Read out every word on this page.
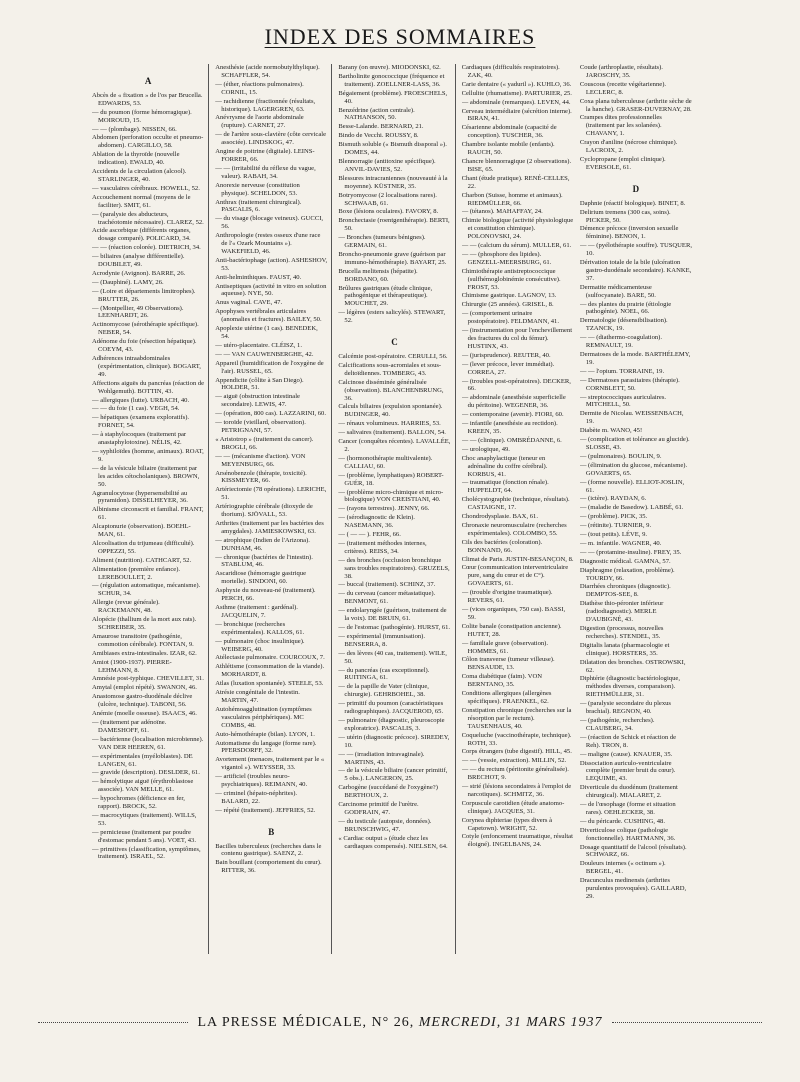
INDEX DES SOMMAIRES
A
Abcès de « fixation » de l'os par Brucella. EDWARDS, 53.
— du poumon (forme hémorragique). MOIROUD, 15.
— — (plombage). NISSEN, 66.
Abdomen (perforation occulte et pneumo-abdomen). CARGILLO, 58.
Ablation de la thyroïde (nouvelle indication). EWALD, 40.
Accidents de la circulation (alcool). STARLINGER, 40.
— vasculaires cérébraux. HOWELL, 52.
Accouchement normal (moyens de le faciliter). SMIT, 61.
— (paralysie des abducteurs, trachéotomie nécessaire). CLAREZ, 52.
Acide ascorbique (différents organes, dosage comparé). POLICARD, 34.
— — (réaction colorée). DIETRICH, 34.
— biliaires (analyse différentielle). DOUBILET, 49.
Acrodynie (Avignon). BARRE, 26.
— (Dauphiné). LAMY, 26.
— (Loire et départements limitrophes). BRUTTER, 26.
— (Montpellier, 49 Observations). LEENHARDT, 26.
Actinomycose (sérothérapie spécifique). NEBER, 54.
Adénome du foie (résection hépatique). COEYM, 43.
Adhérences intraabdominales (expérimentation, clinique). BOGART, 49.
Affections aiguës du pancréas (réaction de Wohlgemuth). BOTTIN, 43.
— allergiques (lutte). URBACH, 40.
— — du foie (1 cas). VEGH, 54.
— hépatiques (examens exploratifs). FORNET, 54.
— à staphylocoques (traitement par anastaphylotoxine). NÉLIS, 42.
— syphiloïdes (homme, animaux). ROAT, 9.
— de la vésicule biliaire (traitement par les acides cétocholaniques). BROWN, 50.
Agranulocytose (hypersensibilité au pyramidon). DISSELHEYER, 36.
Albinisme circonscrit et familial. FRANT, 61.
Alcaptonurie (observation). BOEHL-MAN, 61.
Alcoolisation du trijumeau (difficulté). OPPEZZI, 55.
Aliment (nutrition). CATHCART, 52.
Alimentation (première enfance). LEREBOULLET, 2.
— (régulation automatique, mécanisme). SCHUR, 34.
Allergie (revue générale). RACKEMANN, 48.
Alopécie (thallium de la mort aux rats). SCHREIBER, 35.
Amaurose transitoire (pathogénie, commotion cérébrale). FONTAN, 9.
Amibiases extra-intestinales. IZAR, 62.
Amiot (1900-1937). PIERRE-LEHMANN, 8.
Amnésie post-typhique. CHEVILLET, 31.
Amytal (emploi répété). SWANON, 46.
Anastomose gastro-duodénale déclive (ulcère, technique). TABONI, 56.
Anémie (moelle osseuse). ISAACS, 46.
— (traitement par adénoïne. DAMESHOFF, 61.
— bactérienne (localisation microbienne). VAN DER HEEREN, 61.
— expérimentales (myéloblastes). DE LANGEN, 61.
— gravide (description). DESLDER, 61.
— hémolytique aiguë (érythroblastose associée). VAN MELLE, 61.
— hypochromes (déficience en fer, rapport). BROCK, 52.
— macrocytiques (traitement). WILLS, 53.
— pernicieuse (traitement par poudre d'estomac pendant 5 ans). VOET, 43.
— primitives (classification, symptômes, traitement). ISRAEL, 52.
Anesthésie (acide normobutylthylique). SCHAFFLER, 54.
— (éther, réactions pulmonaires). CORNIL, 15.
— rachidienne (fractionnée (résultats, historique). LAGERGREN, 63.
Anévrysme de l'aorte abdominale (rupture). CARNET, 27.
— de l'artère sous-clavière (côte cervicale associée). LINDSKOG, 47.
Angine de poitrine (digitale). LEINS-FORRER, 66.
— — (irritabilité du réflexe du vague, valeur). RABAH, 34.
Anorexie nerveuse (constitution physique). SCHELDON, 53.
Anthrax (traitement chirurgical). PASCALIS, 6.
— du visage (blocage veineux). GUCCI, 56.
Anthropologie (restes osseux d'une race de l'« Ozark Mountains »). WAKEFIELD, 46.
Anti-bactériophage (action). ASHESHOV, 53.
Anti-helminthiques. FAUST, 40.
Antiseptiques (activité in vitro en solution aqueuse). NYE, 50.
Anus vaginal. CAVE, 47.
Apophyses vertébrales articulaires (anomalies et fractures). BAILEY, 50.
Apoplexie utérine (1 cas). BENEDEK, 54.
— utéro-placentaire. CLÉISZ, 1.
— — VAN CAUWENBERGHE, 42.
Appareil (humidification de l'oxygène de l'air). RUSSEL, 65.
Appendicite (côlite à San Diego). HOLDER, 51.
— aiguë (obstruction intestinale secondaire). LEWIS, 47.
— (opération, 800 cas). LAZZARINI, 60.
— toroïde (vieillard, observation). PETRIGNANI, 57.
« Aristotrop » (traitement du cancer). BROGLI, 66.
— — (mécanisme d'action). VON MEYENBURG, 66.
Arsénobenzole (thérapie, toxicité). KISSMEYER, 66.
Artériectomie (78 opérations). LERICHE, 51.
Artériographie cérébrale (dioxyde de thorium). SJÖVALL, 53.
Arthrites (traitement par les bactéries des amygdales). JAMIESKOWSKI, 63.
— atrophique (Indien de l'Arizona). DUNHAM, 46.
— chronique (bactéries de l'intestin). STABLUM, 46.
Ascaridiose (hémorragie gastrique mortelle). SINDONI, 60.
Asphyxie du nouveau-né (traitement). PERCH, 66.
Asthme (traitement : gardénal). JACQUELIN, 7.
— bronchique (recherches expérimentales). KALLOS, 61.
— pulmonaire (choc insulinique). WEIBERG, 40.
Atélectasie pulmonaire. COURCOUX, 7.
Athlétisme (consommation de la viande). MORHARDT, 8.
Atlas (luxation spontanée). STEELE, 53.
Atrésie congénitale de l'intestin. MARTIN, 47.
Autohémoagglutination (symptômes vasculaires périphériques). MC COMBS, 48.
Auto-hémothérapie (bilan). LYON, 1.
Automatisme du langage (forme rare). PFERSDORFF, 32.
Avortement (menaces, traitement par le « vigantol »). WEYSSER, 33.
— artificiel (troubles neuro-psychiatriques). REIMANN, 40.
— criminel (hépato-néphrites). BALARD, 22.
— répété (traitement). JEFFRIES, 52.
B
Bacilles tuberculeux (recherches dans le contenu gastrique). SAENZ, 2.
Bain bouillant (comportement du cœur). RITTER, 36.
Barany (on œuvre). MIODONSKI, 62.
Bartholinite gonococcique (fréquence et traitement). ZOELLNER-LASS, 36.
Bégaiement (problème). FROESCHELS, 40.
Benzédrine (action centrale). NATHANSON, 50.
Besse-Lalande. BERNARD, 21.
Bindo de Vecchi. ROUSSY, 8.
Bismuth soluble (« Bismuth dissporal »). DOMES, 44.
Blennorragie (antitoxine spécifique). ANVIL-DAVIES, 52.
Blessures intracraniennes (nouveauté à la moyenne). KÜSTNER, 35.
Botryomycose (2 localisations rares). SCHWAAB, 61.
Boxe (lésions oculaires). FAVORY, 8.
Bronchectasie (roentgenthérapie). BERTI, 50.
— Bronches (tumeurs bénignes). GERMAIN, 61.
Broncho-pneumonie grave (guérison par immuno-hémothérapie). BAYART, 25.
Brucella melitensis (hépatite). BORDANO, 60.
Brûlures gastriques (étude clinique, pathogénique et thérapeutique). MOUCHET, 29.
— légères (esters salicylés). STEWART, 52.
C
Calcémie post-opératoire. CERULLI, 56.
Calcifications sous-acromiales et sous-deltoïdiennes. TOMBERG, 43.
Calcinose disséminée généralisée (observation). BLANCHENBRUNG, 36.
Calculs biliaires (expulsion spontanée). BUDINGER, 40.
— rénaux volumineux. HARRIES, 53.
— salivaires (traitement). BALLON, 54.
Cancer (conquêtes récentes). LAVALLÉE, 2.
— (hormonothérapie multivalente). CALLIAU, 60.
— (problème, lymphatiques) ROBERT-GUÉR, 18.
— (problème micro-chimique et micro-biologique) VON CREISTIANI, 40.
— (rayons terrestres). JENNY, 66.
— (sérodiagnostic de Klein). NASEMANN, 36.
— ( — — ). FEHR, 66.
— (traitement méthodes internes, critères). REISS, 34.
— des bronches (occlusion bronchique sans troubles respiratoires). GRUZELS, 38.
— buccal (traitement). SCHINZ, 37.
— du cerveau (cancer métastatique). BENMONT, 61.
— endolaryngée (guérison, traitement de la voix). DE BRUIN, 61.
— de l'estomac (pathogénie). HURST, 61.
— expérimental (immunisation). BENSERRA, 8.
— des lèvres (40 cas, traitement). WILE, 50.
— du pancréas (cas exceptionnel). RUITINGA, 61.
— de la papille de Vater (clinique, chirurgie). GEHRBOHEL, 38.
— primitif du poumon (caractéristiques radiographiques). JACQUEROD, 65.
— pulmonaire (diagnostic, pleuroscopie exploratrice). PASCALIS, 3.
— utérin (diagnostic précoce). SIREDEY, 10.
— — (irradiation intravaginale). MARTINS, 43.
— de la vésicule biliaire (cancer primitif, 5 obs.). LANGERON, 25.
Carbogène (succédané de l'oxygène?) BERTHOUX, 2.
Carcinome primitif de l'urètre. GODFRAIN, 47.
— du testicule (autopsie, données). BRUNSCHWIG, 47.
« Cardiac output » (étude chez les cardiaques compensés). NIELSEN, 64.
Cardiaques (difficultés respiratoires). ZAK, 40.
Carie dentaire (« yaduril »). KUHLO, 36.
Cellulite (rhumatisme). PARTURIER, 25.
— abdominale (remarques). LEVEN, 44.
Cerveau intermédiaire (sécrétion interne). BIRAN, 41.
Césarienne abdominale (capacité de conception). TUSCHER, 36.
Chambre isolante mobile (enfants). RAUCH, 50.
Chancre blennorragique (2 observations). BISE, 65.
Chant (étude pratique). RENÉ-CELLES, 22.
Charbon (Suisse, homme et animaux). RIEDMÜLLER, 66.
— (tétanos). MAHAFFAY, 24.
Chimie biologique (activité physiologique et constitution chimique). POLONOVSKI, 24.
— — (calcium du sérum). MULLER, 61.
— — (phosphore des lipides). GENZELL-MEERSBURG, 61.
Chimiothérapie antistreptococcique (sulfhémoglobinémie consécutive). FROST, 53.
Chimisme gastrique. LAGNOV, 13.
Chirurgie (25 années). GRISEL, 8.
— (comportement urinaire postopératoire). FELDMANN, 41.
— (instrumentation pour l'enchevillement des fractures du col du fémur). HUSTINX, 43.
— (jurisprudence). REUTER, 40.
— (lever précoce, lever immédiat). CORREA, 27.
— (troubles post-opératoires). DECKER, 66.
— abdominale (anesthésie superficielle du péritoine). WEGENER, 36.
— contemporaine (avenir). FIORI, 60.
— infantile (anesthésie au rectidon). KREEN, 35.
— — (clinique). OMBRÉDANNE, 6.
— urologique, 49.
Choc anaphylactique (teneur en adrénaline du coffre cérébral). KORBUS, 41.
— traumatique (fonction rénale). HUPFELDT, 64.
Cholécystographie (technique, résultats). CASTAIGNE, 17.
Chondrodysplasie. BAX, 61.
Chronaxie neuromusculaire (recherches expérimentales). COLOMBO, 55.
Cils des bactéries (coloration). BONNAND, 66.
Climat de Paris. JUSTIN-BESANÇON, 8.
Cœur (communication interventriculaire pure, sang du cœur et de C°). GOVAERTS, 61.
— (trouble d'origine traumatique). REVERS, 61.
— (vices organiques, 750 cas). BASSI, 59.
Colite banale (constipation ancienne). HUTET, 28.
— familiale grave (observation). HOMMES, 61.
Côlon transverse (tumeur villeuse). BENSAUDE, 13.
Coma diabétique (faim). VON BERNTANO, 35.
Conditions allergiques (allergènes spécifiques). FRAENKEL, 62.
Constipation chronique (recherches sur la résorption par le rectum). TAUSENHAUS, 40.
Coqueluche (vaccinothérapie, technique). ROTH, 33.
Corps étrangers (tube digestif). HILL, 45.
— — (vessie, extraction). MILLIN, 52.
— — du rectum (péritonite généralisée). BRECHOT, 9.
— strié (lésions secondaires à l'emploi de narcotiques). SCHMITZ, 36.
Corpuscule carotidien (étude anatomo-clinique). JACQUES, 31.
Corynea diphteriae (types divers à Capetown). WRIGHT, 52.
Cotyle (enfoncement traumatique, résultat éloigné). INGELBANS, 24.
Coude (arthroplastie, résultats). JAROSCHY, 35.
Couscous (recette végétarienne). LECLERC, 8.
Coxa plana tuberculeuse (arthrite sèche de la hanche). GRASER-DUVERNAY, 28.
Crampes dites professionnelles (traitement par les solanées). CHAVANY, 1.
Crayon d'aniline (nécrose chimique). LACROIX, 2.
Cyclopropane (emploi clinique). EVERSOLE, 61.
D
Daphnie (réactif biologique). BINET, 8.
Delirium tremens (300 cas, soins). PICKER, 50.
Démence précoce (inversion sexuelle féminine). BENON, 1.
— — (pyélothérapie souffre). TUSQUER, 10.
Dérivation totale de la bile (ulcération gastro-duodénale secondaire). KANKE, 37.
Dermatite médicamenteuse (sulfocyanate). BARE, 50.
— des plantes du prairie (étiologie pathogénie). NOEL, 66.
Dermatologie (désensibilisation). TZANCK, 19.
— — (diathermo-coagulation). REMNAULT, 19.
Dermatoses de la mode. BARTHÉLEMY, 19.
— — l'opium. TORRAINE, 19.
— Dermatoses parasitaires (thérapie). CORNBLETT, 50.
— streptococciques auriculaires. MITCHELL, 50.
Dermite de Nicolau. WEISSENBACH, 19.
Diabète m. WANO, 45!
— (complication et tolérance au glucide). SLOSSE, 43.
— (pulmonaires). BOULIN, 9.
— (élimination du glucose, mécanisme). GOVAERTS, 65.
— (forme nouvelle). ELLIOT-JOSLIN, 61.
— (ictère). RAYDAN, 6.
— (maladie de Basedow). LABBÉ, 61.
— (problème). PICK, 35.
— (rétinite). TURNIER, 9.
— (tout petits). LÉVE, 9.
— m. infantile. WAGNER, 40.
— — (protamine-insuline). FREY, 35.
Diagnostic médical. GAMNA, 57.
Diaphragme (relaxation, problème). TOURDY, 66.
Diarrhées chroniques (diagnostic). DEMPTOS-SEE, 8.
Diathèse thio-péronier inférieur (radiodiagnostic). MERLE D'AUBIGNÉ, 43.
Digestion (processus, nouvelles recherches). STENDEL, 35.
Digitalis lanata (pharmacologie et clinique). HORSTERS, 35.
Dilatation des bronches. OSTROWSKI, 62.
Diphtérie (diagnostic bactériologique, méthodes diverses, comparaison). RIETHMÜLLER, 31.
— (paralysie secondaire du plexus brachial). REGNON, 40.
— (pathogénie, recherches). CLAUBERG, 34.
— (réaction de Schick et réaction de Reh). TRON, 8.
— maligne (cause). KNAUER, 35.
Dissociation auriculo-ventriculaire complète (premier bruit du cœur). LEQUIME, 43.
Diverticule du duodénum (traitement chirurgical). MIALARET, 2.
— de l'œsophage (forme et situation rares). OEHLECKER, 38.
— du péricarde. CUSHING, 48.
Diverticulose colique (pathologie fonctionnelle). HARTMANN, 36.
Dosage quantitatif de l'alcool (résultats). SCHWARZ, 66.
Douleurs internes (« octinum »). BERGEL, 41.
Dracunculus medinensis (arthrites purulentes provoquées). GAILLARD, 29.
LA PRESSE MÉDICALE, N° 26, MERCREDI, 31 MARS 1937
